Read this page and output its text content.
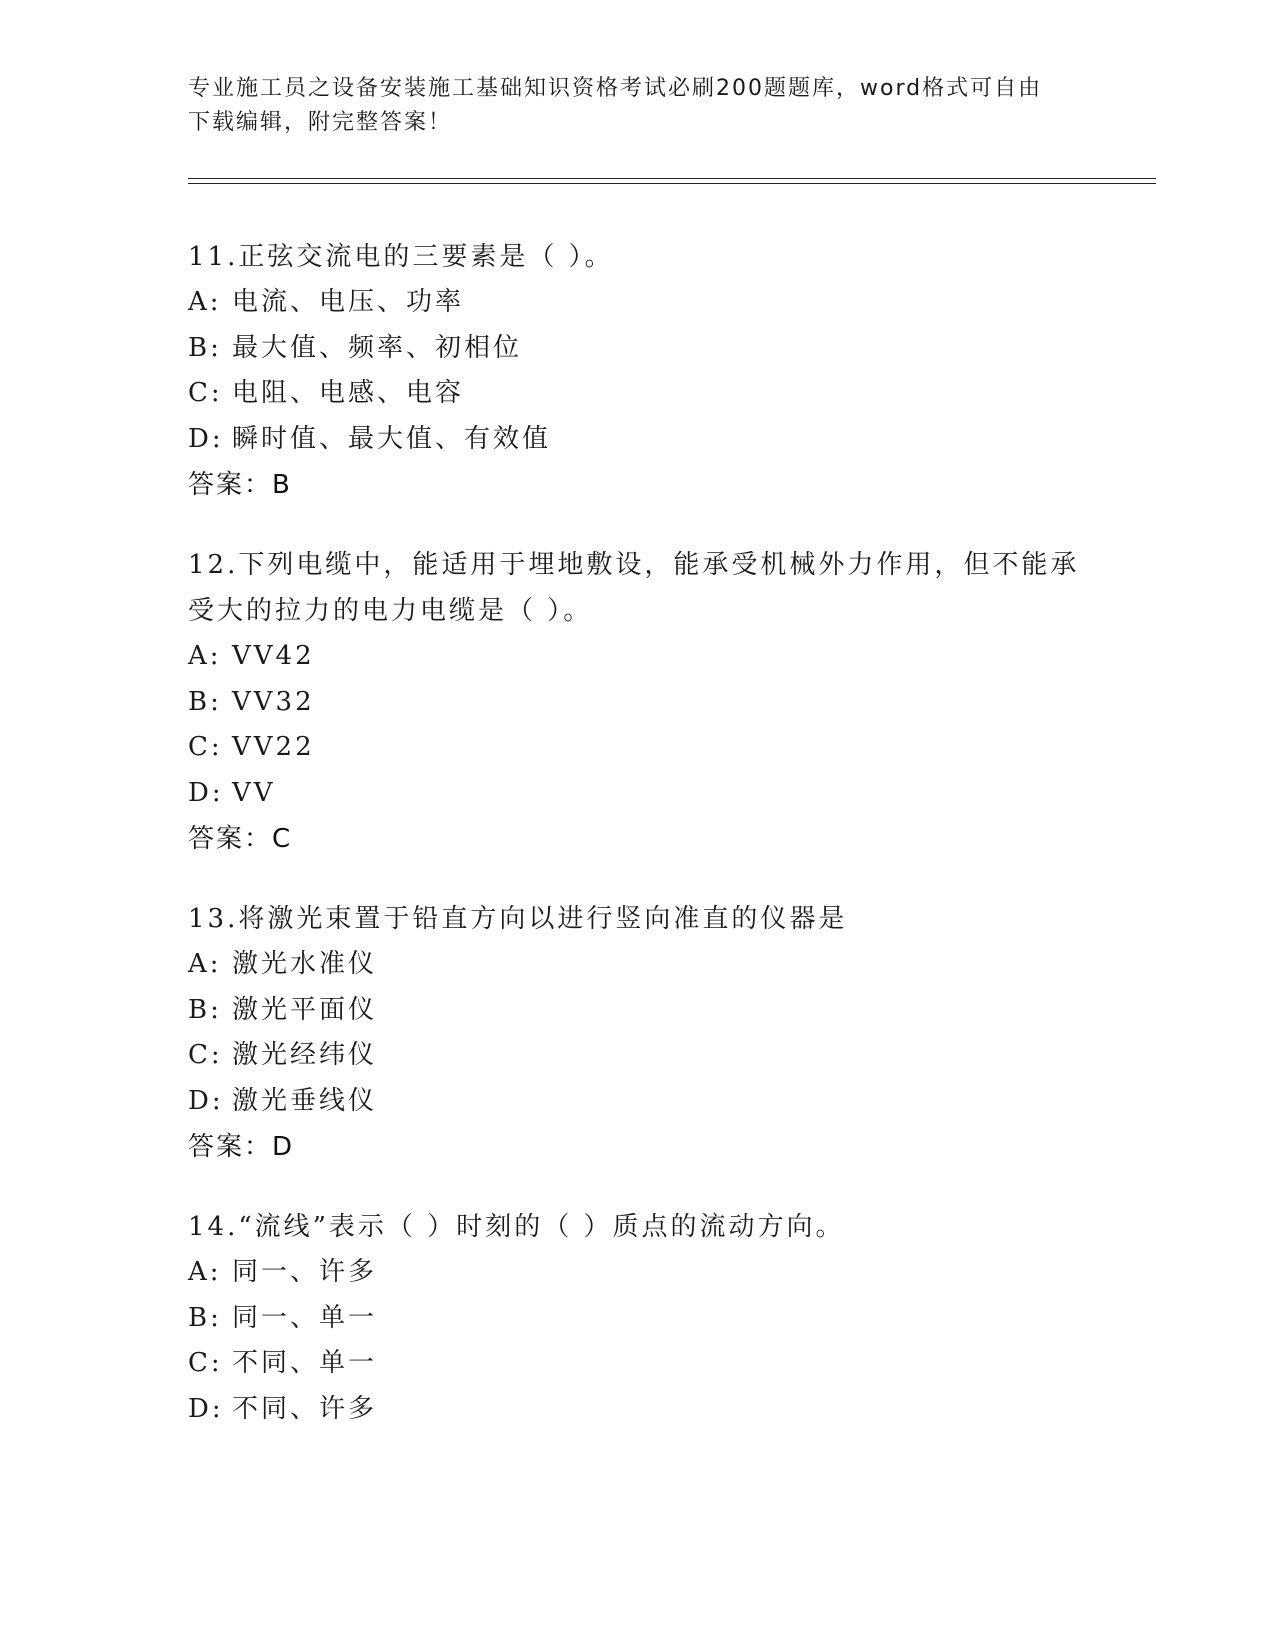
专业施工员之设备安装施工基础知识资格考试必刷200题题库，word格式可自由
下载编辑，附完整答案！

11.正弦交流电的三要素是（ ）。

A: 电流、电压、功率
B: 最大值、频率、初相位
C: 电阻、电感、电容
D: 瞬时值、最大值、有效值
答案：B

12.下列电缆中，能适用于埋地敷设，能承受机械外力作用，但不能承受大的拉力的电力电缆是（ ）。

A: VV42
B: VV32
C: VV22
D: VV
答案：C

13.将激光束置于铅直方向以进行竖向准直的仪器是

A: 激光水准仪
B: 激光平面仪
C: 激光经纬仪
D: 激光垂线仪
答案：D

14.“流线”表示（ ）时刻的（ ）质点的流动方向。

A: 同一、许多
B: 同一、单一
C: 不同、单一
D: 不同、许多
